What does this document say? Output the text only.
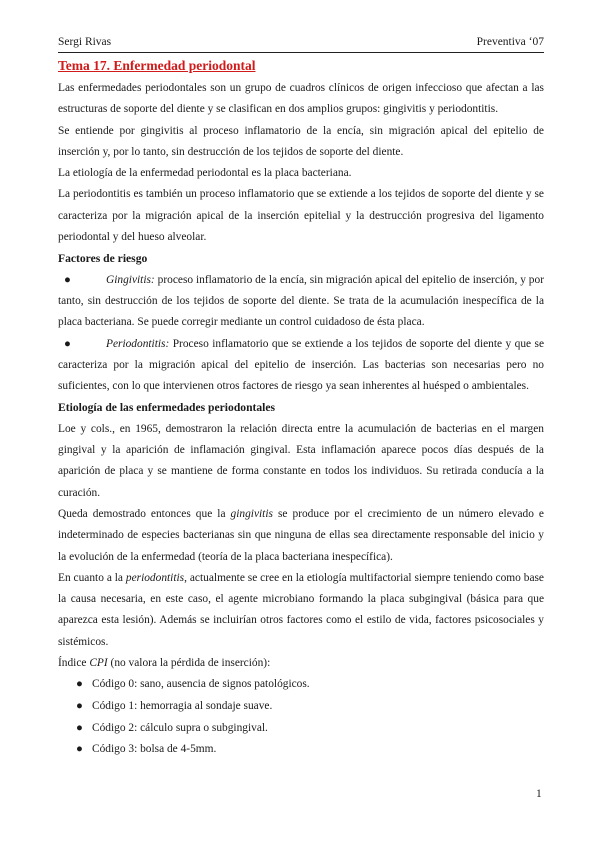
Sergi Rivas	Preventiva ‘07

Tema 17. Enfermedad periodontal

Las enfermedades periodontales son un grupo de cuadros clínicos de origen infeccioso que afectan a las estructuras de soporte del diente y se clasifican en dos amplios grupos: gingivitis y periodontitis.

Se entiende por gingivitis al proceso inflamatorio de la encía, sin migración apical del epitelio de inserción y, por lo tanto, sin destrucción de los tejidos de soporte del diente.

La etiología de la enfermedad periodontal es la placa bacteriana.

La periodontitis es también un proceso inflamatorio que se extiende a los tejidos de soporte del diente y se caracteriza por la migración apical de la inserción epitelial y la destrucción progresiva del ligamento periodontal y del hueso alveolar.

Factores de riesgo

●	Gingivitis: proceso inflamatorio de la encía, sin migración apical del epitelio de inserción, y por tanto, sin destrucción de los tejidos de soporte del diente. Se trata de la acumulación inespecífica de la placa bacteriana. Se puede corregir mediante un control cuidadoso de ésta placa.

●	Periodontitis: Proceso inflamatorio que se extiende a los tejidos de soporte del diente y que se caracteriza por la migración apical del epitelio de inserción. Las bacterias son necesarias pero no suficientes, con lo que intervienen otros factores de riesgo ya sean inherentes al huésped o ambientales.

Etiología de las enfermedades periodontales

Loe y cols., en 1965, demostraron la relación directa entre la acumulación de bacterias en el margen gingival y la aparición de inflamación gingival. Esta inflamación aparece pocos días después de la aparición de placa y se mantiene de forma constante en todos los individuos. Su retirada conducía a la curación.

Queda demostrado entonces que la gingivitis se produce por el crecimiento de un número elevado e indeterminado de especies bacterianas sin que ninguna de ellas sea directamente responsable del inicio y la evolución de la enfermedad (teoría de la placa bacteriana inespecífica).

En cuanto a la periodontitis, actualmente se cree en la etiología multifactorial siempre teniendo como base la causa necesaria, en este caso, el agente microbiano formando la placa subgingival (básica para que aparezca esta lesión). Además se incluirían otros factores como el estilo de vida, factores psicosociales y sistémicos.

Índice CPI (no valora la pérdida de inserción):

● Código 0: sano, ausencia de signos patológicos.

● Código 1: hemorragia al sondaje suave.

● Código 2: cálculo supra o subgingival.

● Código 3: bolsa de 4-5mm.

1
